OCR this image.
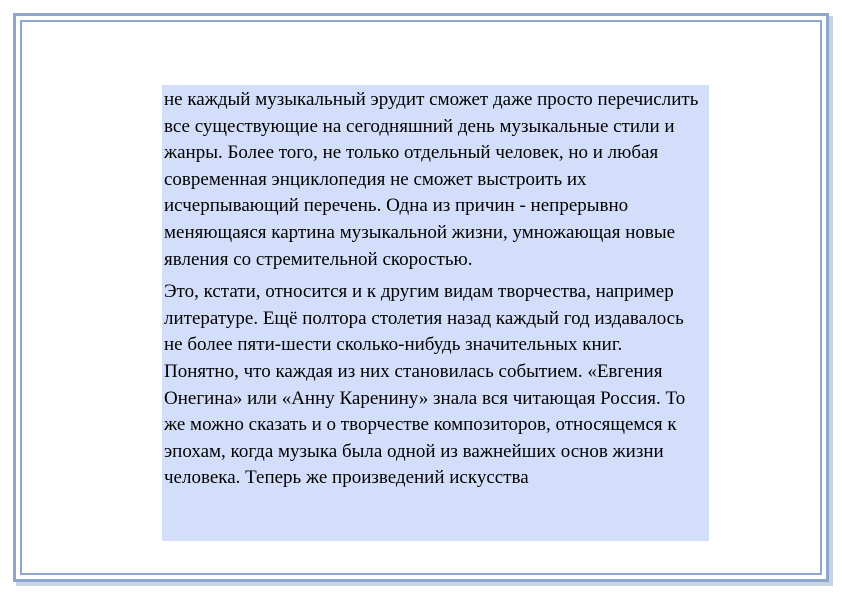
не каждый музыкальный эрудит сможет даже просто перечислить все существующие на сегодняшний день музыкальные стили и жанры. Более того, не только отдельный человек, но и любая современная энциклопедия не сможет выстроить их исчерпывающий перечень. Одна из причин - непрерывно меняющаяся картина музыкальной жизни, умножающая новые явления со стремительной скоростью.

Это, кстати, относится и к другим видам творчества, например литературе. Ещё полтора столетия назад каждый год издавалось не более пяти-шести сколько-нибудь значительных книг. Понятно, что каждая из них становилась событием. «Евгения Онегина» или «Анну Каренину» знала вся читающая Россия. То же можно сказать и о творчестве композиторов, относящемся к эпохам, когда музыка была одной из важнейших основ жизни человека. Теперь же произведений искусства
